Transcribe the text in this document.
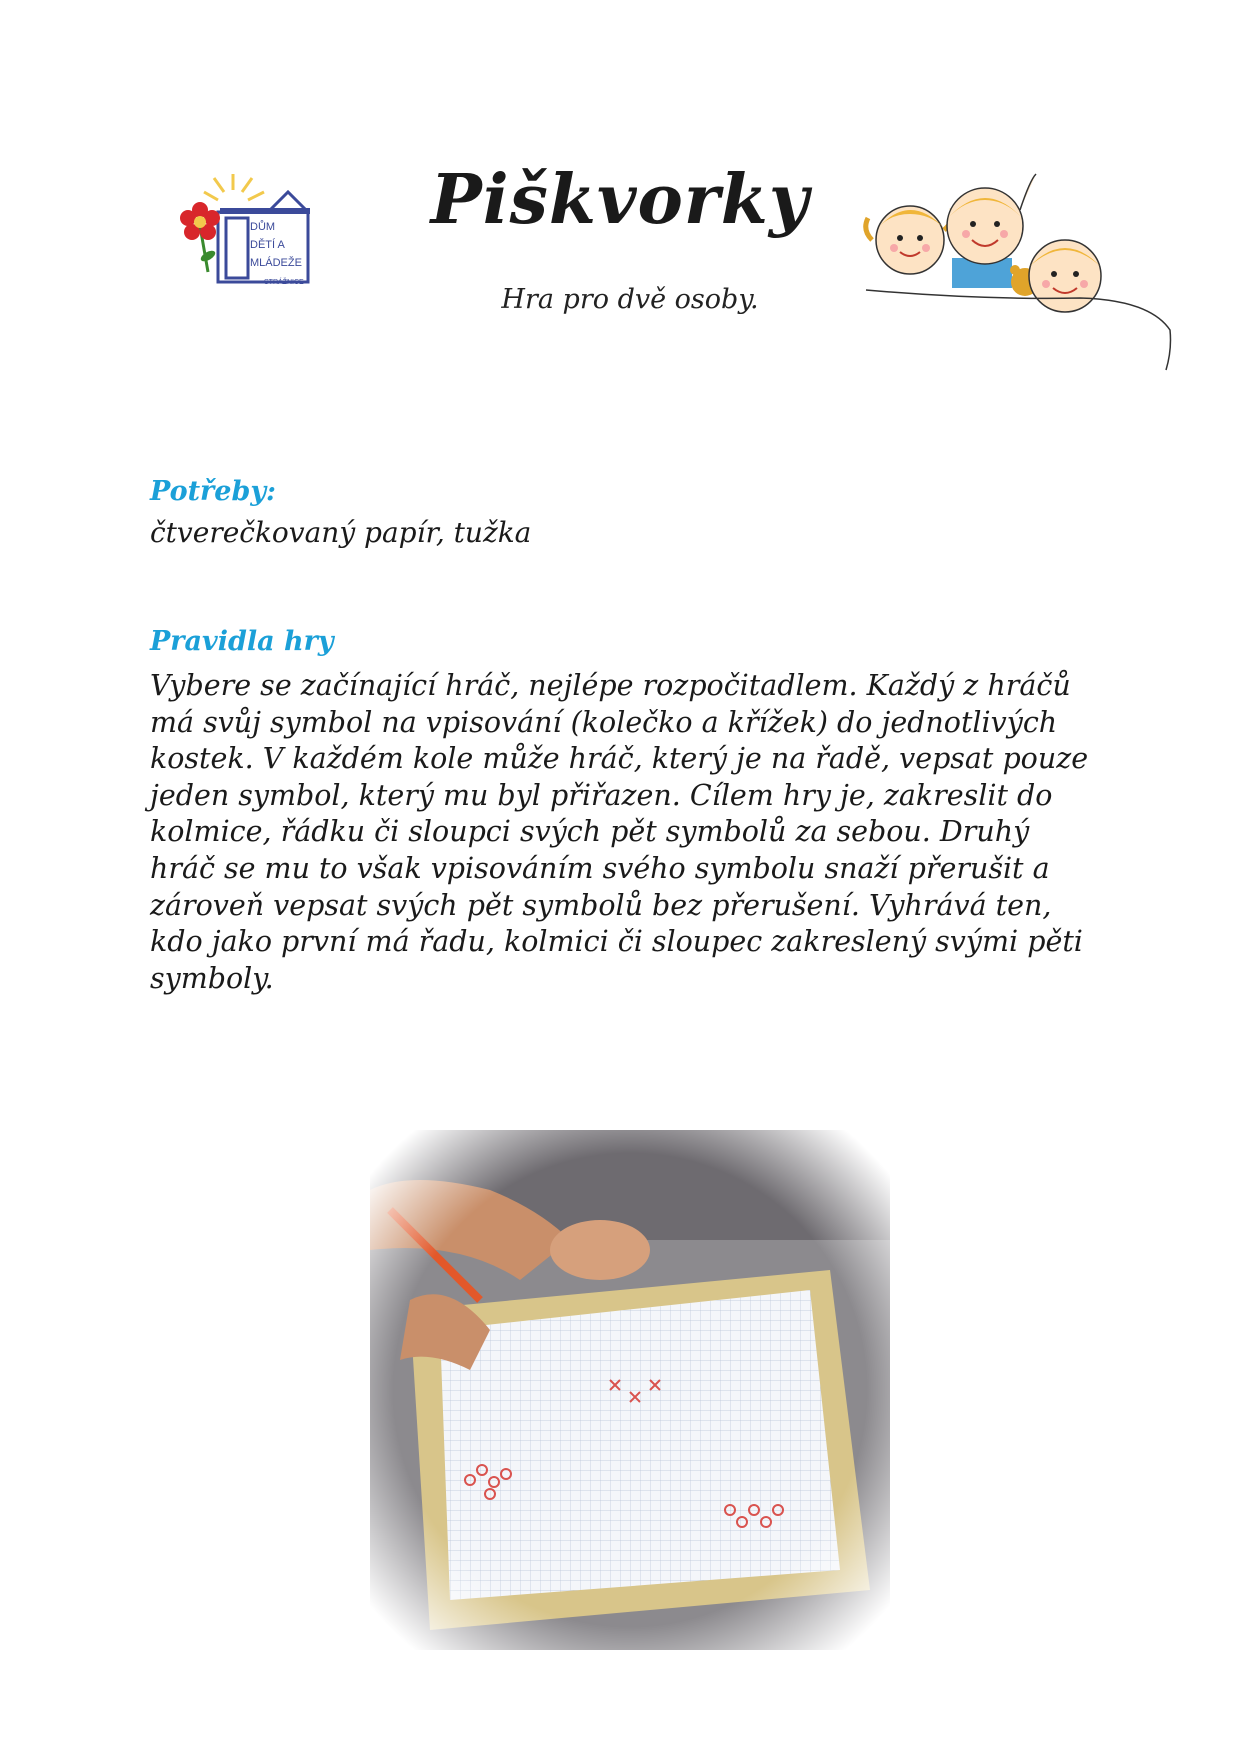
DŮM
DĚTÍ A
MLÁDEŽE
STRÁŽNICE
Piškvorky
Hra pro dvě osoby.
Potřeby:
čtverečkovaný papír, tužka
Pravidla hry
Vybere se začínající hráč, nejlépe rozpočitadlem. Každý z hráčů má svůj symbol na vpisování (kolečko a křížek) do jednotlivých kostek. V každém kole může hráč, který je na řadě, vepsat pouze jeden symbol, který mu byl přiřazen. Cílem hry je, zakreslit do kolmice, řádku či sloupci svých pět symbolů za sebou. Druhý hráč se mu to však vpisováním svého symbolu snaží přerušit a zároveň vepsat svých pět symbolů bez přerušení. Vyhrává ten, kdo jako první má řadu, kolmici či sloupec zakreslený svými pěti symboly.
